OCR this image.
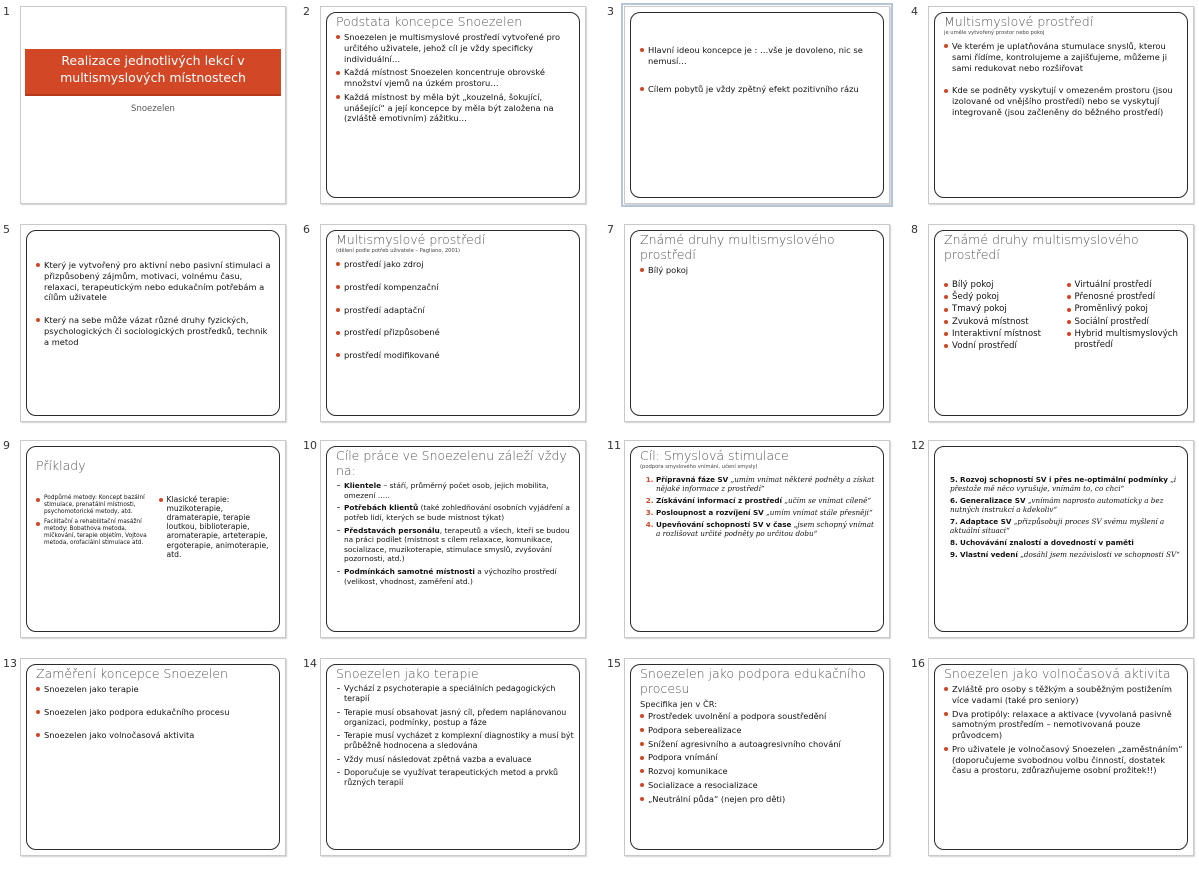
1
Realizace jednotlivých lekcí v multismyslových místnostech
Snoezelen
2
Podstata koncepce Snoezelen
Snoezelen je multismyslové prostředí vytvořené pro určitého uživatele, jehož cíl je vždy specificky individuální…
Každá místnost Snoezelen koncentruje obrovské množství vjemů na úzkém prostoru…
Každá místnost by měla být „kouzelná, šokující, unášející“ a její koncepce by měla být založena na (zvláště emotivním) zážitku…
3
Hlavní ideou koncepce je : …vše je dovoleno, nic se nemusí…
Cílem pobytů je vždy zpětný efekt pozitivního rázu
4
Multismyslové prostředí
je uměle vytvořený prostor nebo pokoj
Ve kterém je uplatňována stumulace snyslů, kterou sami řídíme, kontrolujeme a zajišťujeme, můžeme ji sami redukovat nebo rozšiřovat
Kde se podněty vyskytují v omezeném prostoru (jsou izolované od vnějšího prostředí) nebo se vyskytují integrovaně (jsou začleněny do běžného prostředí)
5
Který je vytvořený pro aktivní nebo pasivní stimulaci a přizpůsobený zájmům, motivaci, volnému času, relaxaci, terapeutickým nebo edukačním potřebám a cílům uživatele
Který na sebe může vázat různé druhy fyzických, psychologických či sociologických prostředků, technik a metod
6
Multismyslové prostředí
(dělení podle potřeb uživatele – Pagliano, 2001)
prostředí jako zdroj
prostředí kompenzační
prostředí adaptační
prostředí přizpůsobené
prostředí modifikované
7
Známé druhy multismyslového prostředí
Bílý pokoj
8
Známé druhy multismyslového prostředí
Bílý pokoj
Šedý pokoj
Tmavý pokoj
Zvuková místnost
Interaktivní místnost
Vodní prostředí
Virtuální prostředí
Přenosné prostředí
Proměnlivý pokoj
Sociální prostředí
Hybrid multismyslových prostředí
9
Příklady
Podpůrné metody: Koncept bazální stimulace, prenatální místnosti, psychomotorické metody, atd.
Facilitační a rehabilitační masážní metody: Bobathova metoda, míčkování, terapie objetím, Vojtova metoda, orofaciální stimulace atd.
Klasické terapie: muzikoterapie, dramaterapie, terapie loutkou, biblioterapie, aromaterapie, arteterapie, ergoterapie, animoterapie, atd.
10
Cíle práce ve Snoezelenu záleží vždy na:
Klientele – stáří, průměrný počet osob, jejich mobilita, omezení …..
Potřebách klientů (také zohledňování osobních vyjádření a potřeb lidí, kterých se bude místnost týkat)
Představách personálu, terapeutů a všech, kteří se budou na práci podílet (místnost s cílem relaxace, komunikace, socializace, muzikoterapie, stimulace smyslů, zvyšování pozornosti, atd.)
Podmínkách samotné místnosti a výchozího prostředí (velikost, vhodnost, zaměření atd.)
11
Cíl: Smyslová stimulace
(podpora smyslového vnímání, učení smysly)
1. Přípravná fáze SV „umím vnímat některé podněty a získat nějaké informace z prostředí“
2. Získávání informací z prostředí „učím se vnímat cíleně“
3. Posloupnost a rozvíjení SV „umím vnímat stále přesněji“
4. Upevňování schopností SV v čase „jsem schopný vnímat a rozlišovat určité podněty po určitou dobu“
12
5. Rozvoj schopností SV i přes ne-optimální podmínky „i přestože mě něco vyrušuje, vnímám to, co chci“
6. Generalizace SV „vnímám naprosto automaticky a bez nutných instrukcí a kdekoliv“
7. Adaptace SV „přizpůsobuji proces SV svému myšlení a aktuální situaci“
8. Uchovávání znalostí a dovedností v paměti
9. Vlastní vedení „dosáhl jsem nezávislosti ve schopnosti SV“
13
Zaměření koncepce Snoezelen
Snoezelen jako terapie
Snoezelen jako podpora edukačního procesu
Snoezelen jako volnočasová aktivita
14
Snoezelen jako terapie
Vychází z psychoterapie a speciálních pedagogických terapií
Terapie musí obsahovat jasný cíl, předem naplánovanou organizaci, podmínky, postup a fáze
Terapie musí vycházet z komplexní diagnostiky a musí být průběžně hodnocena a sledována
Vždy musí následovat zpětná vazba a evaluace
Doporučuje se využívat terapeutických metod a prvků různých terapií
15
Snoezelen jako podpora edukačního procesu
Specifika jen v ČR:
Prostředek uvolnění a podpora soustředění
Podpora seberealizace
Snížení agresivního a autoagresivního chování
Podpora vnímání
Rozvoj komunikace
Socializace a resocializace
„Neutrální půda“ (nejen pro děti)
16
Snoezelen jako volnočasová aktivita
Zvláště pro osoby s těžkým a souběžným postižením více vadami (také pro seniory)
Dva protipóly: relaxace a aktivace (vyvolaná pasivně samotným prostředím – nemotivovaná pouze průvodcem)
Pro uživatele je volnočasový Snoezelen „zaměstnáním“ (doporučujeme svobodnou volbu činností, dostatek času a prostoru, zdůrazňujeme osobní prožitek!!)
